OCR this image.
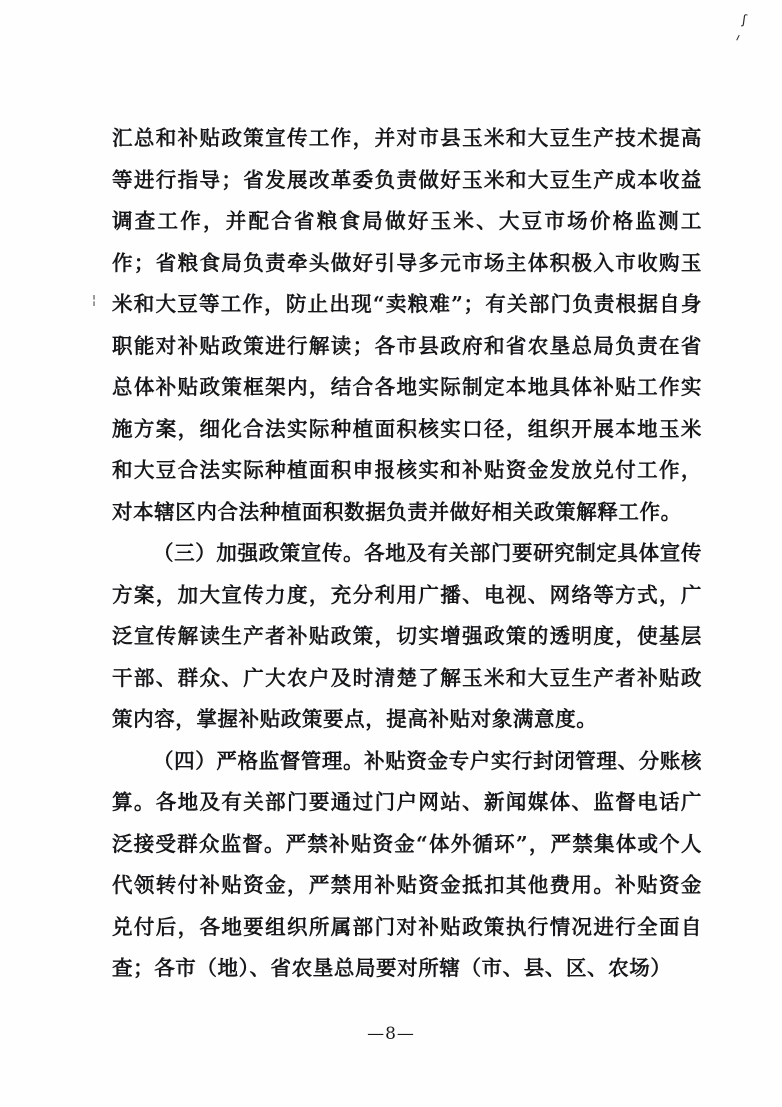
ʃ
ᐟ
¦

汇总和补贴政策宣传工作，并对市县玉米和大豆生产技术提高等进行指导；省发展改革委负责做好玉米和大豆生产成本收益调查工作，并配合省粮食局做好玉米、大豆市场价格监测工作；省粮食局负责牵头做好引导多元市场主体积极入市收购玉米和大豆等工作，防止出现“卖粮难”；有关部门负责根据自身职能对补贴政策进行解读；各市县政府和省农垦总局负责在省总体补贴政策框架内，结合各地实际制定本地具体补贴工作实施方案，细化合法实际种植面积核实口径，组织开展本地玉米和大豆合法实际种植面积申报核实和补贴资金发放兑付工作，对本辖区内合法种植面积数据负责并做好相关政策解释工作。

（三）加强政策宣传。各地及有关部门要研究制定具体宣传方案，加大宣传力度，充分利用广播、电视、网络等方式，广泛宣传解读生产者补贴政策，切实增强政策的透明度，使基层干部、群众、广大农户及时清楚了解玉米和大豆生产者补贴政策内容，掌握补贴政策要点，提高补贴对象满意度。

（四）严格监督管理。补贴资金专户实行封闭管理、分账核算。各地及有关部门要通过门户网站、新闻媒体、监督电话广泛接受群众监督。严禁补贴资金“体外循环”，严禁集体或个人代领转付补贴资金，严禁用补贴资金抵扣其他费用。补贴资金兑付后，各地要组织所属部门对补贴政策执行情况进行全面自查；各市（地）、省农垦总局要对所辖（市、县、区、农场）

—8—
